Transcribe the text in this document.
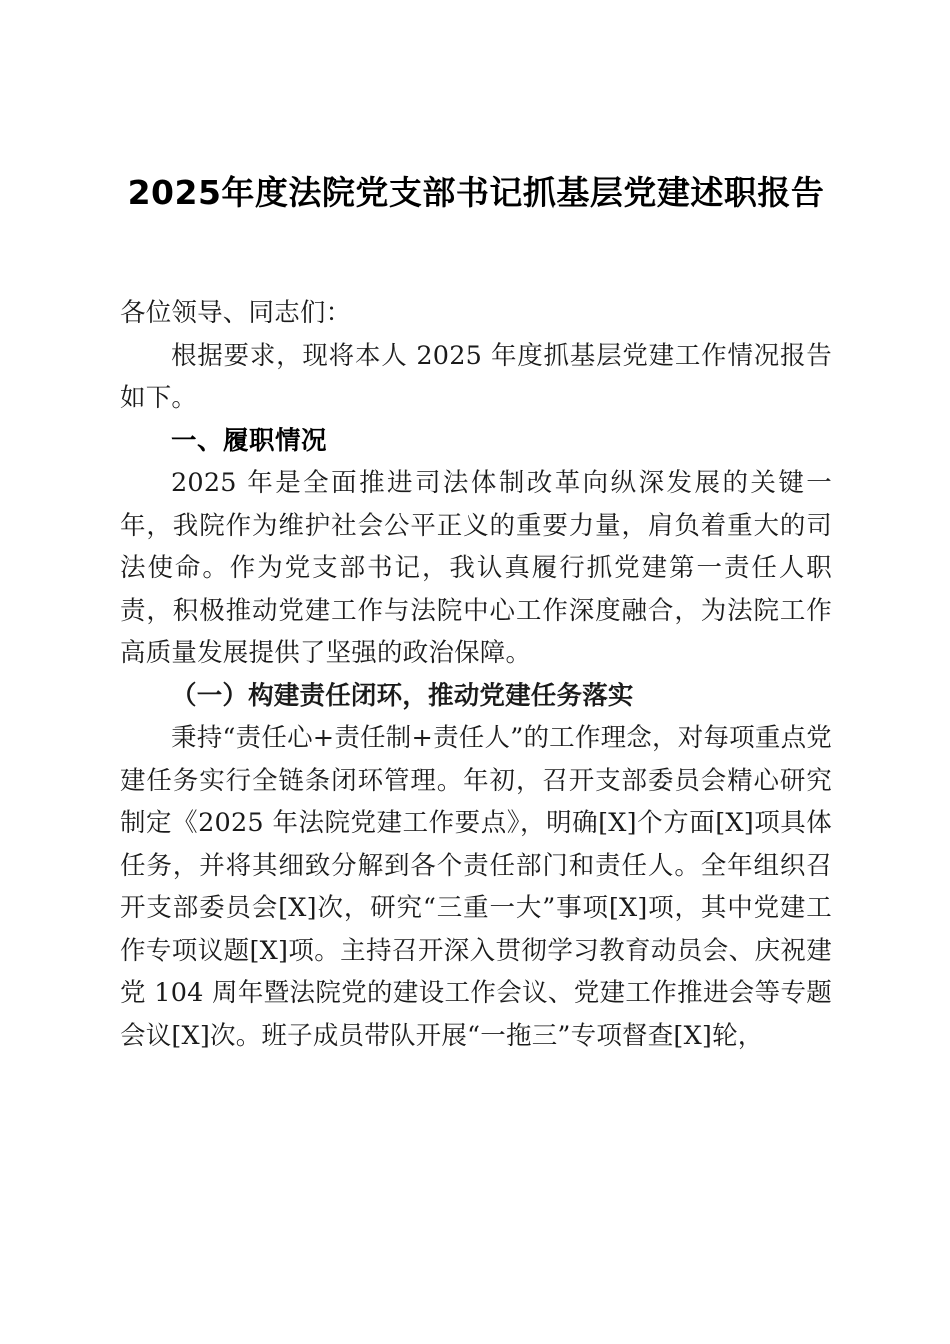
2025年度法院党支部书记抓基层党建述职报告

各位领导、同志们：

根据要求，现将本人 2025 年度抓基层党建工作情况报告如下。

一、履职情况

2025 年是全面推进司法体制改革向纵深发展的关键一年，我院作为维护社会公平正义的重要力量，肩负着重大的司法使命。作为党支部书记，我认真履行抓党建第一责任人职责，积极推动党建工作与法院中心工作深度融合，为法院工作高质量发展提供了坚强的政治保障。

（一）构建责任闭环，推动党建任务落实

秉持“责任心+责任制+责任人”的工作理念，对每项重点党建任务实行全链条闭环管理。年初，召开支部委员会精心研究制定《2025 年法院党建工作要点》，明确[X]个方面[X]项具体任务，并将其细致分解到各个责任部门和责任人。全年组织召开支部委员会[X]次，研究“三重一大”事项[X]项，其中党建工作专项议题[X]项。主持召开深入贯彻学习教育动员会、庆祝建党 104 周年暨法院党的建设工作会议、党建工作推进会等专题会议[X]次。班子成员带队开展“一拖三”专项督查[X]轮，
